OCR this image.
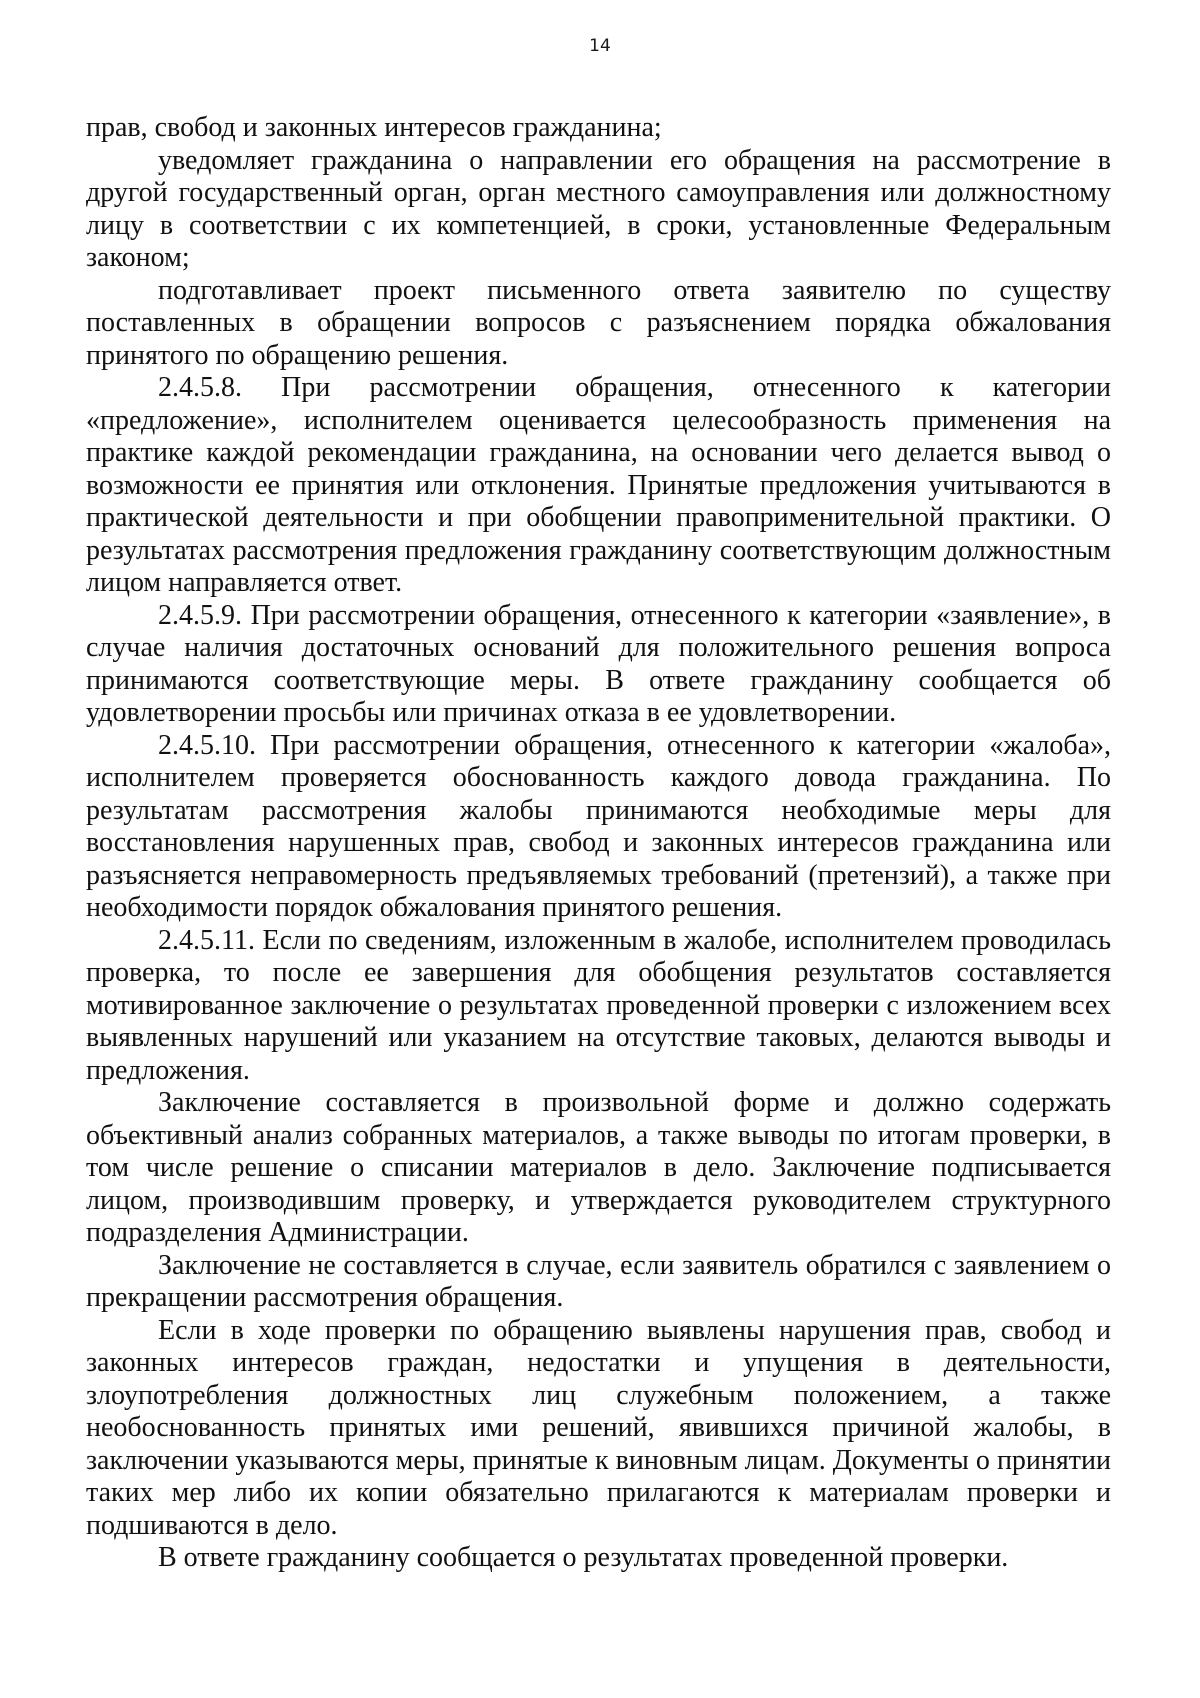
14

прав, свобод и законных интересов гражданина;

уведомляет гражданина о направлении его обращения на рассмотрение в другой государственный орган, орган местного самоуправления или должностному лицу в соответствии с их компетенцией, в сроки, установленные Федеральным законом;

подготавливает проект письменного ответа заявителю по существу поставленных в обращении вопросов с разъяснением порядка обжалования принятого по обращению решения.

2.4.5.8. При рассмотрении обращения, отнесенного к категории «предложение», исполнителем оценивается целесообразность применения на практике каждой рекомендации гражданина, на основании чего делается вывод о возможности ее принятия или отклонения. Принятые предложения учитываются в практической деятельности и при обобщении правоприменительной практики. О результатах рассмотрения предложения гражданину соответствующим должностным лицом направляется ответ.

2.4.5.9. При рассмотрении обращения, отнесенного к категории «заявление», в случае наличия достаточных оснований для положительного решения вопроса принимаются соответствующие меры. В ответе гражданину сообщается об удовлетворении просьбы или причинах отказа в ее удовлетворении.

2.4.5.10. При рассмотрении обращения, отнесенного к категории «жалоба», исполнителем проверяется обоснованность каждого довода гражданина. По результатам рассмотрения жалобы принимаются необходимые меры для восстановления нарушенных прав, свобод и законных интересов гражданина или разъясняется неправомерность предъявляемых требований (претензий), а также при необходимости порядок обжалования принятого решения.

2.4.5.11. Если по сведениям, изложенным в жалобе, исполнителем проводилась проверка, то после ее завершения для обобщения результатов составляется мотивированное заключение о результатах проведенной проверки с изложением всех выявленных нарушений или указанием на отсутствие таковых, делаются выводы и предложения.

Заключение составляется в произвольной форме и должно содержать объективный анализ собранных материалов, а также выводы по итогам проверки, в том числе решение о списании материалов в дело. Заключение подписывается лицом, производившим проверку, и утверждается руководителем структурного подразделения Администрации.

Заключение не составляется в случае, если заявитель обратился с заявлением о прекращении рассмотрения обращения.

Если в ходе проверки по обращению выявлены нарушения прав, свобод и законных интересов граждан, недостатки и упущения в деятельности, злоупотребления должностных лиц служебным положением, а также необоснованность принятых ими решений, явившихся причиной жалобы, в заключении указываются меры, принятые к виновным лицам. Документы о принятии таких мер либо их копии обязательно прилагаются к материалам проверки и подшиваются в дело.

В ответе гражданину сообщается о результатах проведенной проверки.
